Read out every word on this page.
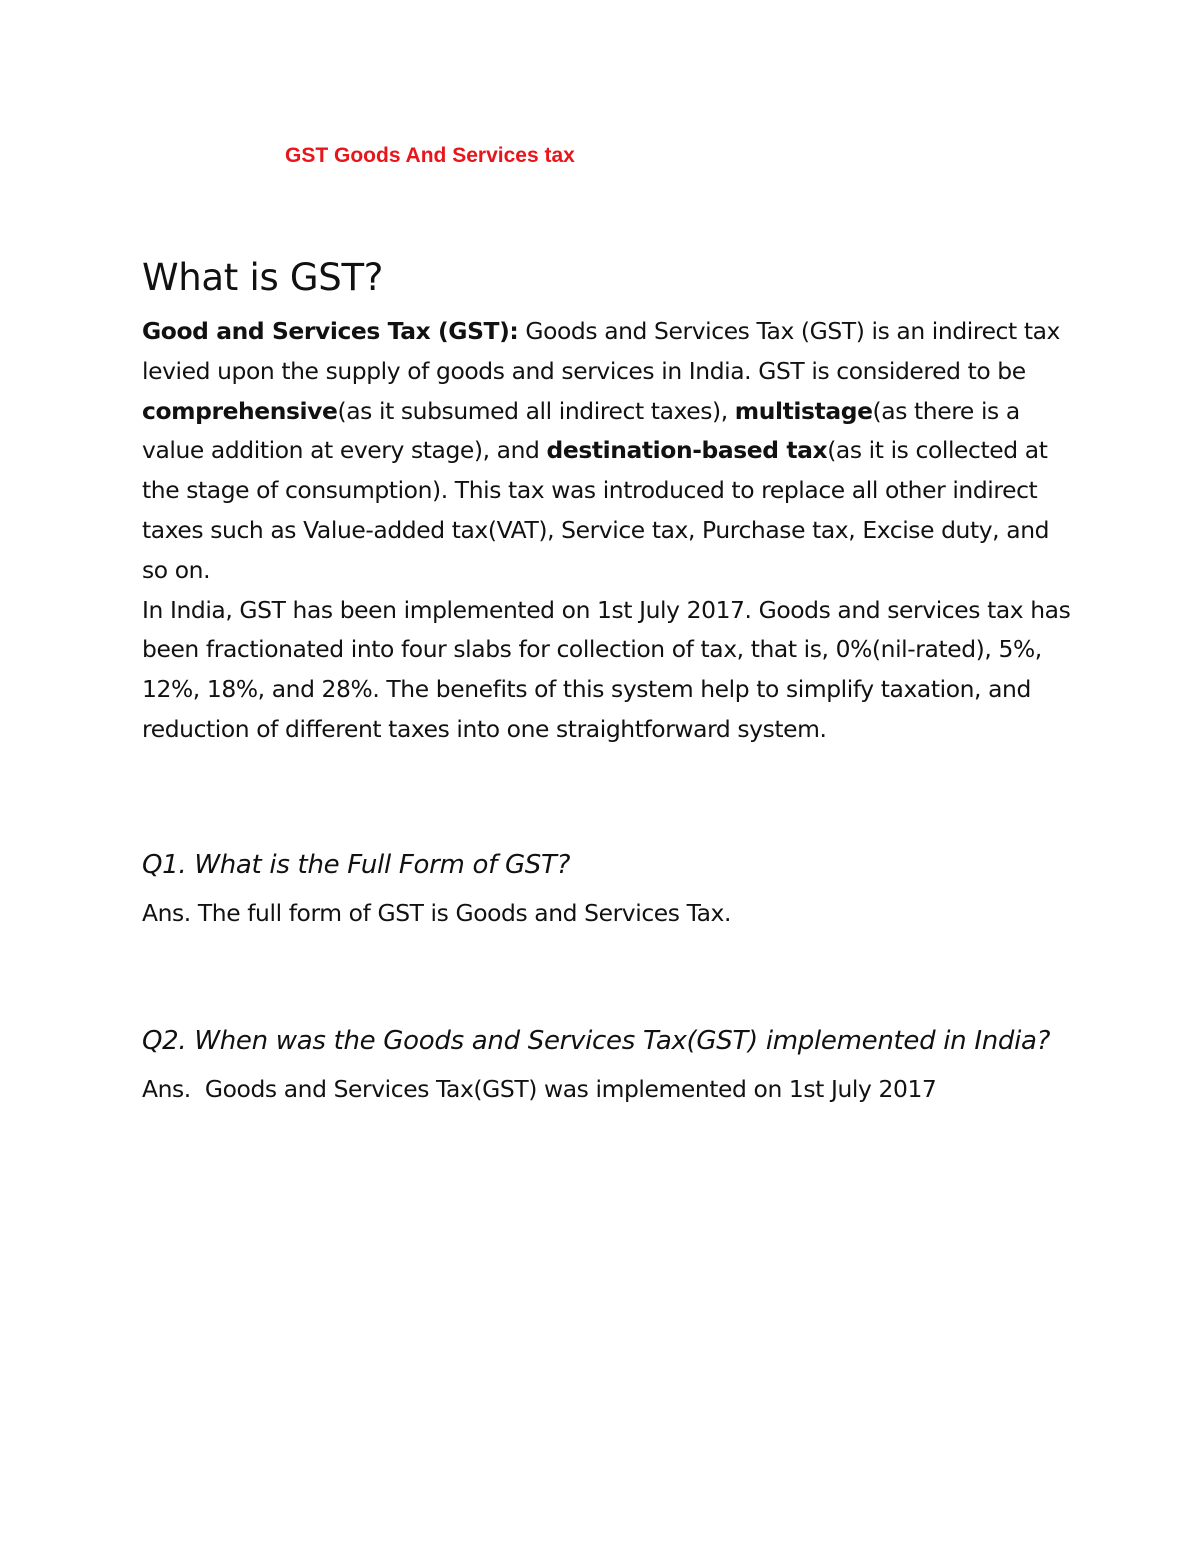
GST Goods And Services tax
What is GST?

Good and Services Tax (GST): Goods and Services Tax (GST) is an indirect tax levied upon the supply of goods and services in India. GST is considered to be comprehensive(as it subsumed all indirect taxes), multistage(as there is a value addition at every stage), and destination-based tax(as it is collected at the stage of consumption). This tax was introduced to replace all other indirect taxes such as Value-added tax(VAT), Service tax, Purchase tax, Excise duty, and so on.
In India, GST has been implemented on 1st July 2017. Goods and services tax has been fractionated into four slabs for collection of tax, that is, 0%(nil-rated), 5%, 12%, 18%, and 28%. The benefits of this system help to simplify taxation, and reduction of different taxes into one straightforward system.

Q1. What is the Full Form of GST?

Ans. The full form of GST is Goods and Services Tax.

Q2. When was the Goods and Services Tax(GST) implemented in India?

Ans.  Goods and Services Tax(GST) was implemented on 1st July 2017
